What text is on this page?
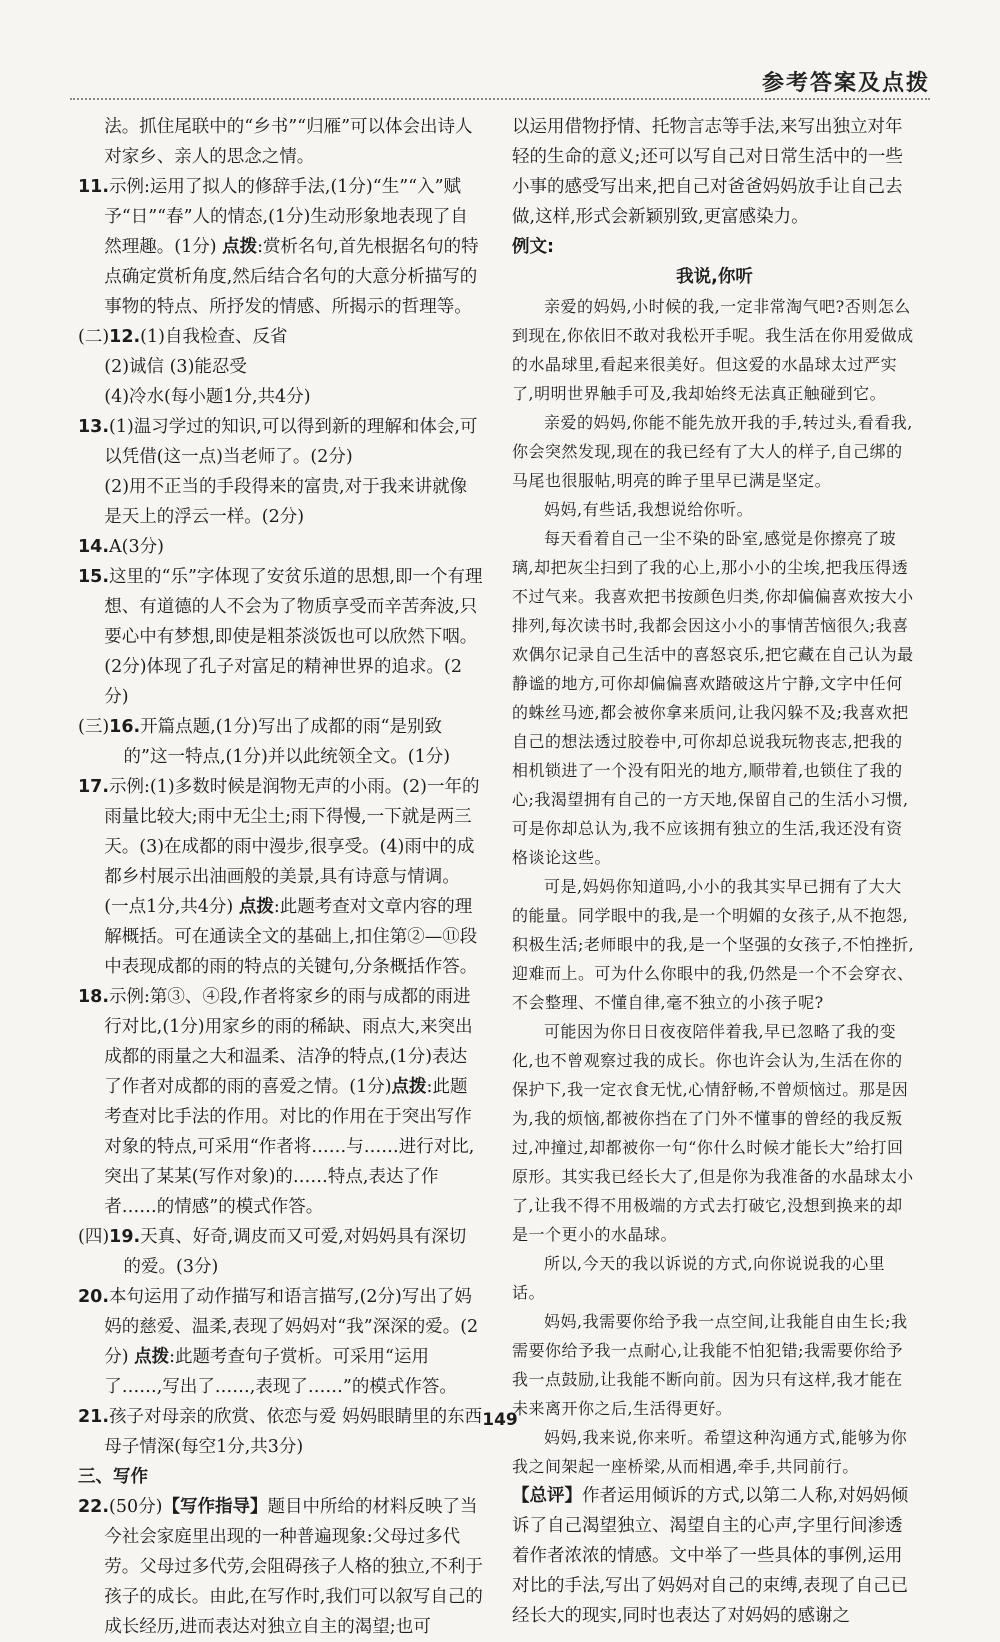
参考答案及点拨

法。抓住尾联中的“乡书”“归雁”可以体会出诗人对家乡、亲人的思念之情。

11.示例:运用了拟人的修辞手法,(1分)“生”“入”赋予“日”“春”人的情态,(1分)生动形象地表现了自然理趣。(1分) 点拨:赏析名句,首先根据名句的特点确定赏析角度,然后结合名句的大意分析描写的事物的特点、所抒发的情感、所揭示的哲理等。

(二)12.(1)自我检查、反省

(2)诚信 (3)能忍受

(4)冷水(每小题1分,共4分)

13.(1)温习学过的知识,可以得到新的理解和体会,可以凭借(这一点)当老师了。(2分)

(2)用不正当的手段得来的富贵,对于我来讲就像是天上的浮云一样。(2分)

14.A(3分)

15.这里的“乐”字体现了安贫乐道的思想,即一个有理想、有道德的人不会为了物质享受而辛苦奔波,只要心中有梦想,即使是粗茶淡饭也可以欣然下咽。(2分)体现了孔子对富足的精神世界的追求。(2分)

(三)16.开篇点题,(1分)写出了成都的雨“是别致的”这一特点,(1分)并以此统领全文。(1分)

17.示例:(1)多数时候是润物无声的小雨。(2)一年的雨量比较大;雨中无尘土;雨下得慢,一下就是两三天。(3)在成都的雨中漫步,很享受。(4)雨中的成都乡村展示出油画般的美景,具有诗意与情调。(一点1分,共4分) 点拨:此题考查对文章内容的理解概括。可在通读全文的基础上,扣住第②—⑪段中表现成都的雨的特点的关键句,分条概括作答。

18.示例:第③、④段,作者将家乡的雨与成都的雨进行对比,(1分)用家乡的雨的稀缺、雨点大,来突出成都的雨量之大和温柔、洁净的特点,(1分)表达了作者对成都的雨的喜爱之情。(1分)点拨:此题考查对比手法的作用。对比的作用在于突出写作对象的特点,可采用“作者将……与……进行对比,突出了某某(写作对象)的……特点,表达了作者……的情感”的模式作答。

(四)19.天真、好奇,调皮而又可爱,对妈妈具有深切的爱。(3分)

20.本句运用了动作描写和语言描写,(2分)写出了妈妈的慈爱、温柔,表现了妈妈对“我”深深的爱。(2分) 点拨:此题考查句子赏析。可采用“运用了……,写出了……,表现了……”的模式作答。

21.孩子对母亲的欣赏、依恋与爱 妈妈眼睛里的东西 母子情深(每空1分,共3分)

三、写作

22.(50分)【写作指导】题目中所给的材料反映了当今社会家庭里出现的一种普遍现象:父母过多代劳。父母过多代劳,会阻碍孩子人格的独立,不利于孩子的成长。由此,在写作时,我们可以叙写自己的成长经历,进而表达对独立自主的渴望;也可

以运用借物抒情、托物言志等手法,来写出独立对年轻的生命的意义;还可以写自己对日常生活中的一些小事的感受写出来,把自己对爸爸妈妈放手让自己去做,这样,形式会新颖别致,更富感染力。

例文:

我说,你听

亲爱的妈妈,小时候的我,一定非常淘气吧?否则怎么到现在,你依旧不敢对我松开手呢。我生活在你用爱做成的水晶球里,看起来很美好。但这爱的水晶球太过严实了,明明世界触手可及,我却始终无法真正触碰到它。

亲爱的妈妈,你能不能先放开我的手,转过头,看看我,你会突然发现,现在的我已经有了大人的样子,自己绑的马尾也很服帖,明亮的眸子里早已满是坚定。

妈妈,有些话,我想说给你听。

每天看着自己一尘不染的卧室,感觉是你擦亮了玻璃,却把灰尘扫到了我的心上,那小小的尘埃,把我压得透不过气来。我喜欢把书按颜色归类,你却偏偏喜欢按大小排列,每次读书时,我都会因这小小的事情苦恼很久;我喜欢偶尔记录自己生活中的喜怒哀乐,把它藏在自己认为最静谧的地方,可你却偏偏喜欢踏破这片宁静,文字中任何的蛛丝马迹,都会被你拿来质问,让我闪躲不及;我喜欢把自己的想法透过胶卷中,可你却总说我玩物丧志,把我的相机锁进了一个没有阳光的地方,顺带着,也锁住了我的心;我渴望拥有自己的一方天地,保留自己的生活小习惯,可是你却总认为,我不应该拥有独立的生活,我还没有资格谈论这些。

可是,妈妈你知道吗,小小的我其实早已拥有了大大的能量。同学眼中的我,是一个明媚的女孩子,从不抱怨,积极生活;老师眼中的我,是一个坚强的女孩子,不怕挫折,迎难而上。可为什么你眼中的我,仍然是一个不会穿衣、不会整理、不懂自律,毫不独立的小孩子呢?

可能因为你日日夜夜陪伴着我,早已忽略了我的变化,也不曾观察过我的成长。你也许会认为,生活在你的保护下,我一定衣食无忧,心情舒畅,不曾烦恼过。那是因为,我的烦恼,都被你挡在了门外不懂事的曾经的我反叛过,冲撞过,却都被你一句“你什么时候才能长大”给打回原形。其实我已经长大了,但是你为我准备的水晶球太小了,让我不得不用极端的方式去打破它,没想到换来的却是一个更小的水晶球。

所以,今天的我以诉说的方式,向你说说我的心里话。

妈妈,我需要你给予我一点空间,让我能自由生长;我需要你给予我一点耐心,让我能不怕犯错;我需要你给予我一点鼓励,让我能不断向前。因为只有这样,我才能在未来离开你之后,生活得更好。

妈妈,我来说,你来听。希望这种沟通方式,能够为你我之间架起一座桥梁,从而相遇,牵手,共同前行。

【总评】作者运用倾诉的方式,以第二人称,对妈妈倾诉了自己渴望独立、渴望自主的心声,字里行间渗透着作者浓浓的情感。文中举了一些具体的事例,运用对比的手法,写出了妈妈对自己的束缚,表现了自己已经长大的现实,同时也表达了对妈妈的感谢之

149
